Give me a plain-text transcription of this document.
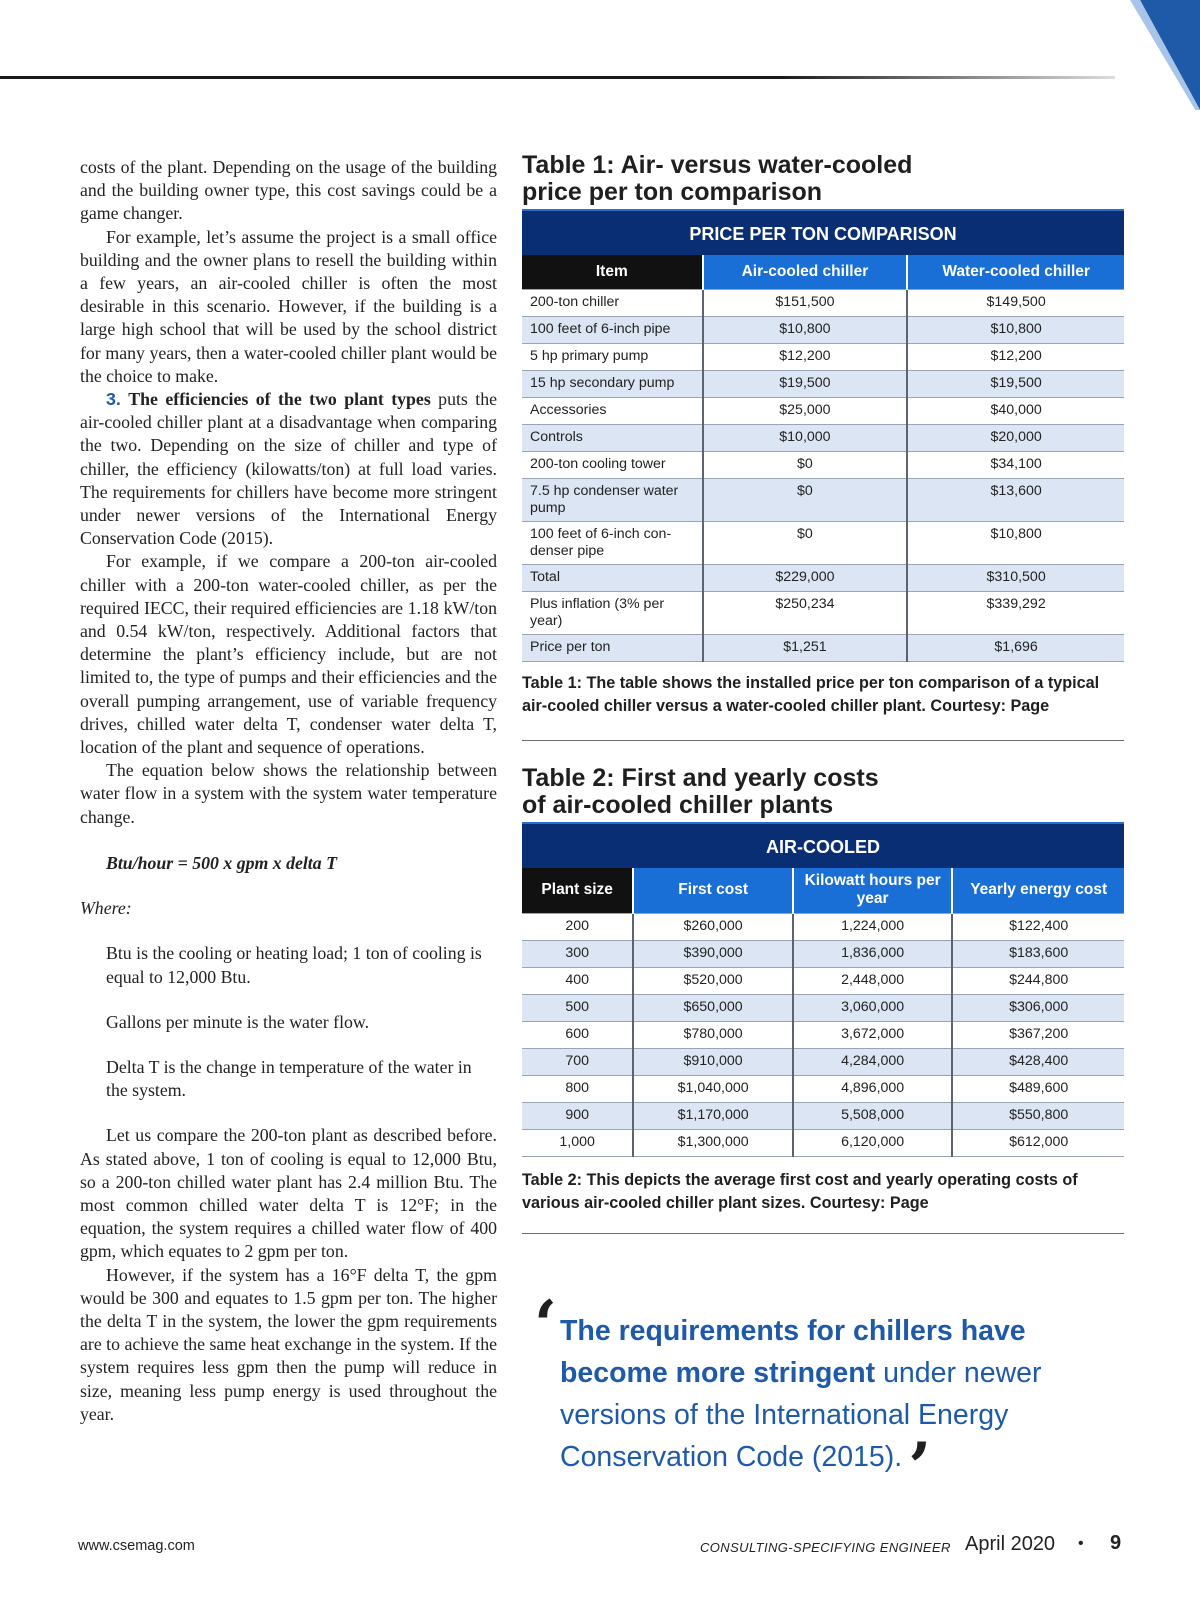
costs of the plant. Depending on the usage of the building and the building owner type, this cost savings could be a game changer.

For example, let’s assume the project is a small office building and the owner plans to resell the building within a few years, an air-cooled chiller is often the most desirable in this scenario. However, if the building is a large high school that will be used by the school district for many years, then a water-cooled chiller plant would be the choice to make.

3. The efficiencies of the two plant types puts the air-cooled chiller plant at a disadvantage when comparing the two. Depending on the size of chiller and type of chiller, the efficiency (kilowatts/ton) at full load varies. The requirements for chillers have become more stringent under newer versions of the International Energy Conservation Code (2015).

For example, if we compare a 200-ton air-cooled chiller with a 200-ton water-cooled chiller, as per the required IECC, their required efficiencies are 1.18 kW/ton and 0.54 kW/ton, respectively. Additional factors that determine the plant’s efficiency include, but are not limited to, the type of pumps and their efficiencies and the overall pumping arrangement, use of variable frequency drives, chilled water delta T, condenser water delta T, location of the plant and sequence of operations.

The equation below shows the relationship between water flow in a system with the system water temperature change.

Btu/hour = 500 x gpm x delta T

Where:

Btu is the cooling or heating load; 1 ton of cooling is equal to 12,000 Btu.

Gallons per minute is the water flow.

Delta T is the change in temperature of the water in the system.

Let us compare the 200-ton plant as described before. As stated above, 1 ton of cooling is equal to 12,000 Btu, so a 200-ton chilled water plant has 2.4 million Btu. The most common chilled water delta T is 12°F; in the equation, the system requires a chilled water flow of 400 gpm, which equates to 2 gpm per ton.

However, if the system has a 16°F delta T, the gpm would be 300 and equates to 1.5 gpm per ton. The higher the delta T in the system, the lower the gpm requirements are to achieve the same heat exchange in the system. If the system requires less gpm then the pump will reduce in size, meaning less pump energy is used throughout the year.

Table 1: Air- versus water-cooled
price per ton comparison
PRICE PER TON COMPARISON
Item	Air-cooled chiller	Water-cooled chiller
200-ton chiller	$151,500	$149,500
100 feet of 6-inch pipe	$10,800	$10,800
5 hp primary pump	$12,200	$12,200
15 hp secondary pump	$19,500	$19,500
Accessories	$25,000	$40,000
Controls	$10,000	$20,000
200-ton cooling tower	$0	$34,100
7.5 hp condenser water pump	$0	$13,600
100 feet of 6-inch con-denser pipe	$0	$10,800
Total	$229,000	$310,500
Plus inflation (3% per year)	$250,234	$339,292
Price per ton	$1,251	$1,696
Table 1: The table shows the installed price per ton comparison of a typical air-cooled chiller versus a water-cooled chiller plant. Courtesy: Page
Table 2: First and yearly costs
of air-cooled chiller plants
AIR-COOLED
Plant size	First cost	Kilowatt hours per year	Yearly energy cost
200	$260,000	1,224,000	$122,400
300	$390,000	1,836,000	$183,600
400	$520,000	2,448,000	$244,800
500	$650,000	3,060,000	$306,000
600	$780,000	3,672,000	$367,200
700	$910,000	4,284,000	$428,400
800	$1,040,000	4,896,000	$489,600
900	$1,170,000	5,508,000	$550,800
1,000	$1,300,000	6,120,000	$612,000
Table 2: This depicts the average first cost and yearly operating costs of various air-cooled chiller plant sizes. Courtesy: Page
‘ The requirements for chillers have become more stringent under newer versions of the International Energy Conservation Code (2015).’
www.csemag.com	CONSULTING-SPECIFYING ENGINEER April 2020 • 9
